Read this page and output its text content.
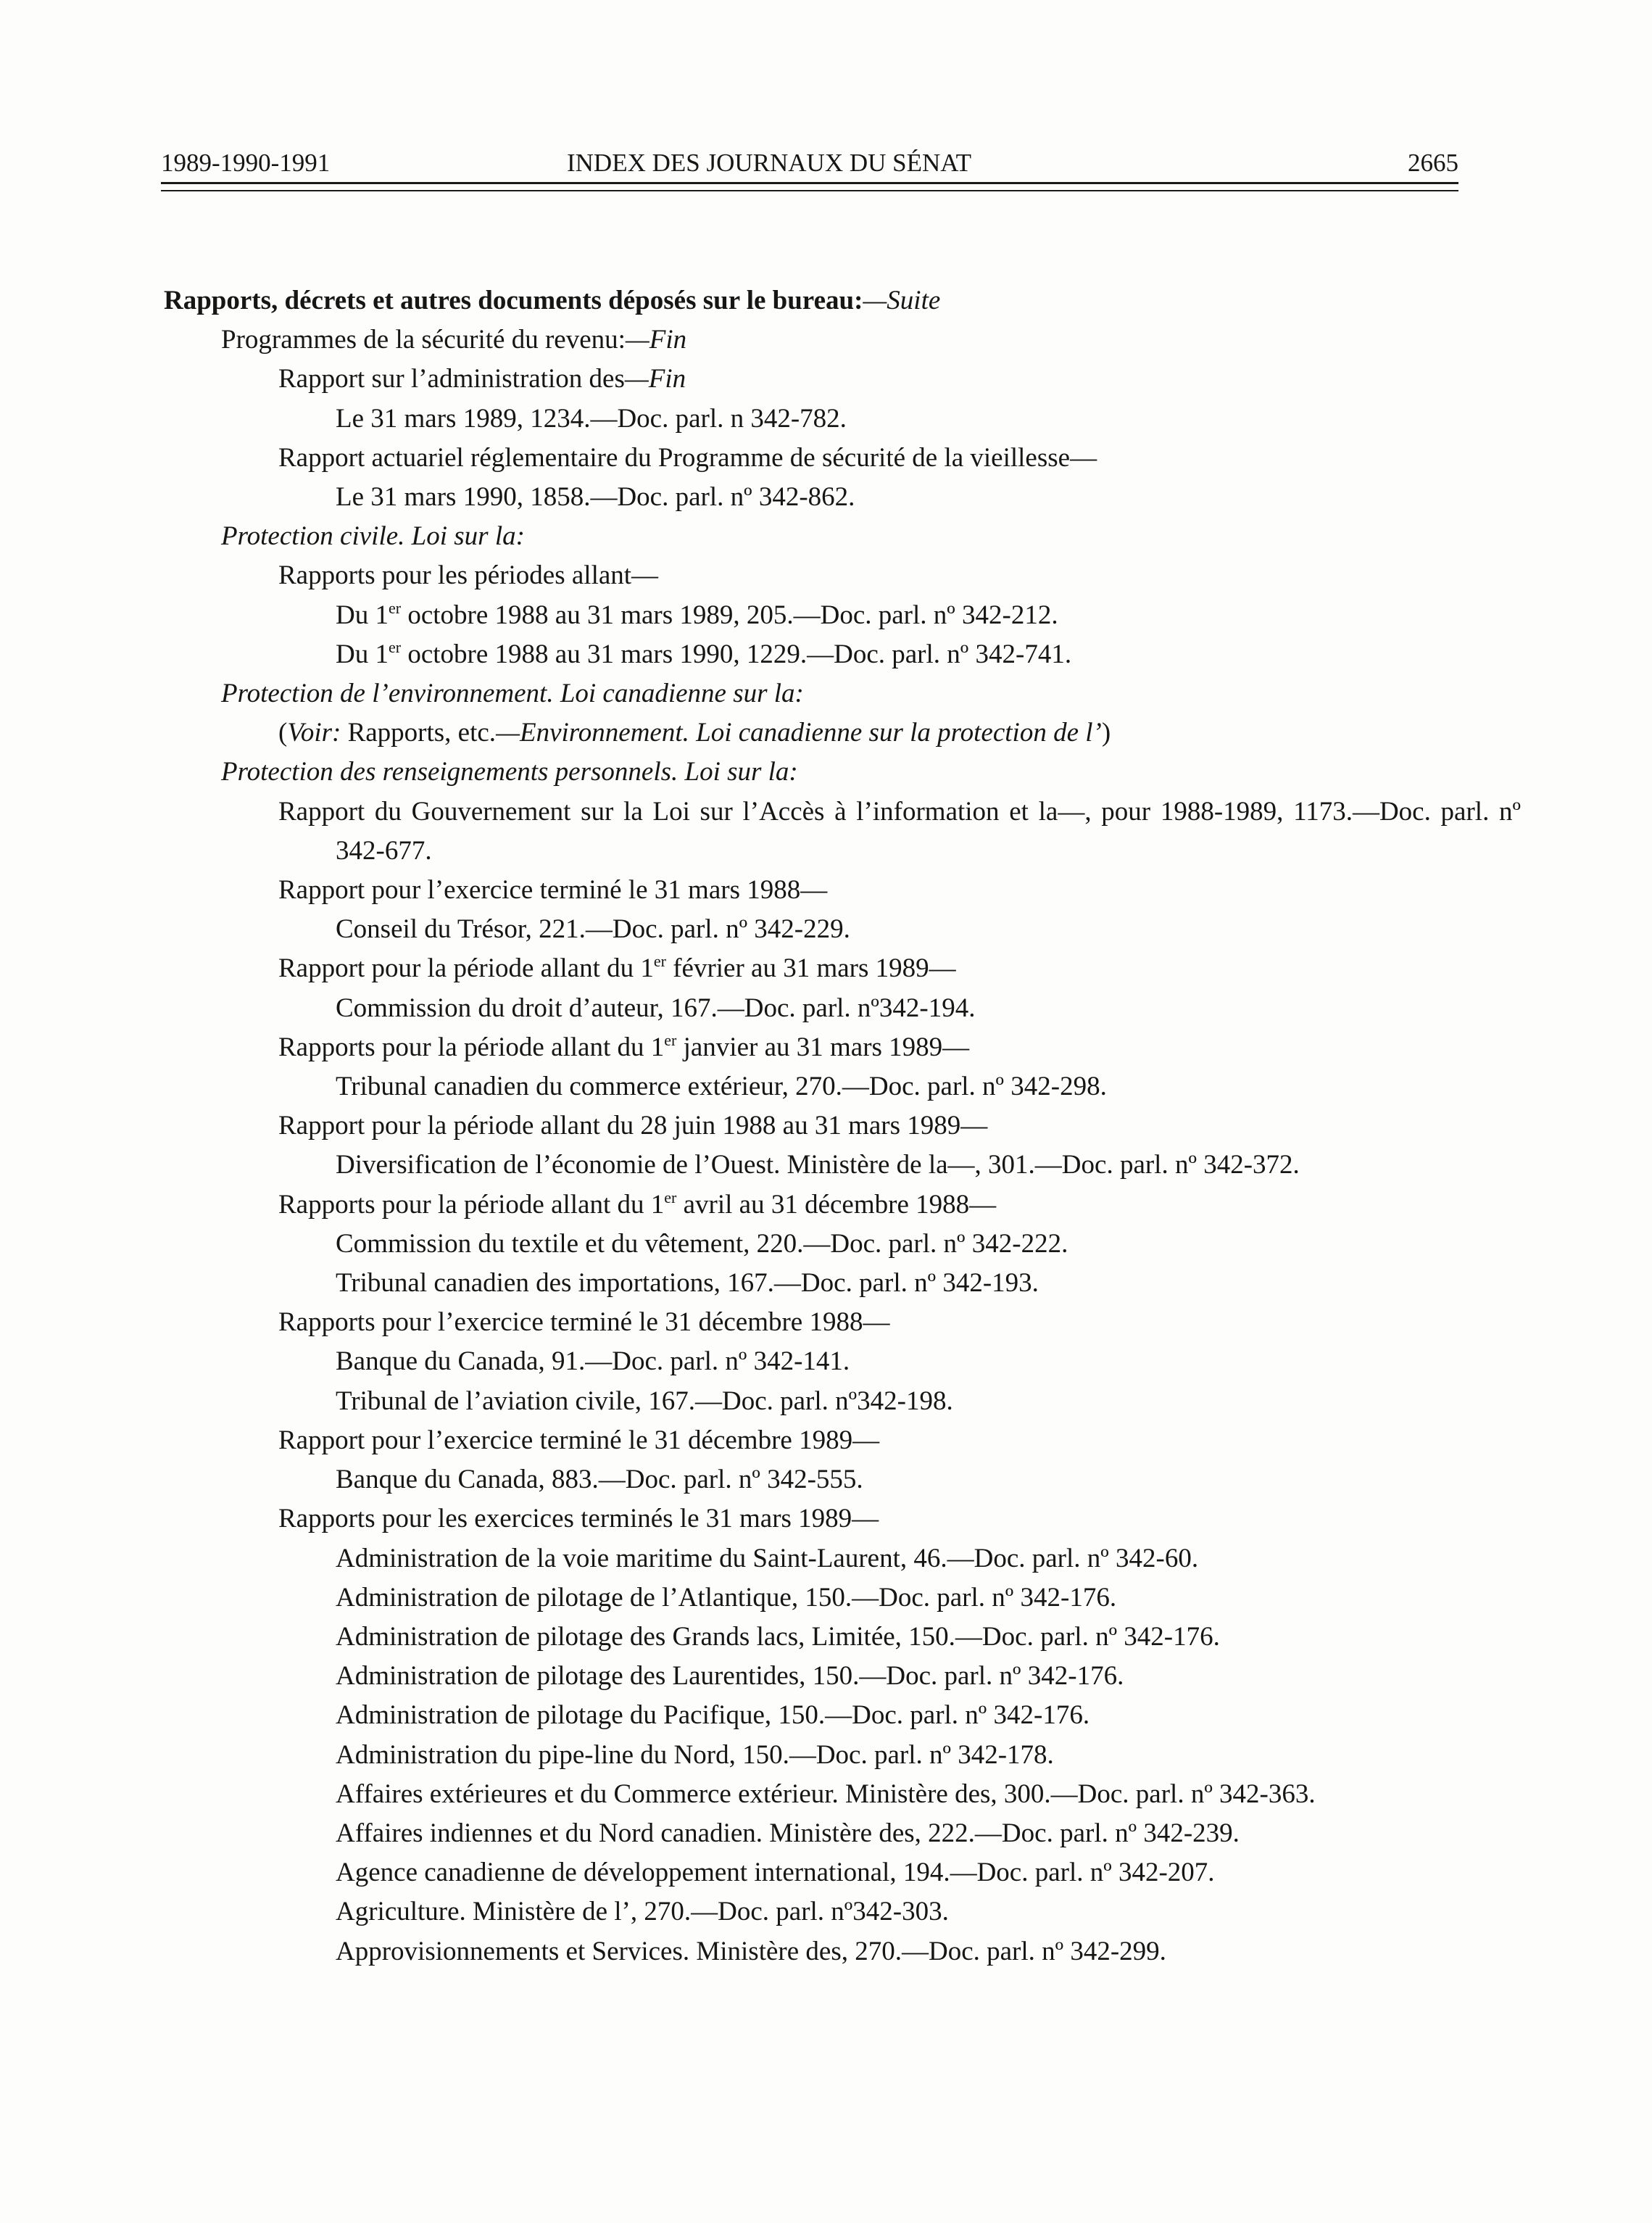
1989-1990-1991	INDEX DES JOURNAUX DU SÉNAT	2665
Rapports, décrets et autres documents déposés sur le bureau:—Suite
Programmes de la sécurité du revenu:—Fin
Rapport sur l’administration des—Fin
Le 31 mars 1989, 1234.—Doc. parl. n 342-782.
Rapport actuariel réglementaire du Programme de sécurité de la vieillesse—
Le 31 mars 1990, 1858.—Doc. parl. nº 342-862.
Protection civile. Loi sur la:
Rapports pour les périodes allant—
Du 1er octobre 1988 au 31 mars 1989, 205.—Doc. parl. nº 342-212.
Du 1er octobre 1988 au 31 mars 1990, 1229.—Doc. parl. nº 342-741.
Protection de l’environnement. Loi canadienne sur la:
(Voir: Rapports, etc.—Environnement. Loi canadienne sur la protection de l’)
Protection des renseignements personnels. Loi sur la:
Rapport du Gouvernement sur la Loi sur l’Accès à l’information et la—, pour 1988-1989, 1173.—Doc. parl. nº 342-677.
Rapport pour l’exercice terminé le 31 mars 1988—
Conseil du Trésor, 221.—Doc. parl. nº 342-229.
Rapport pour la période allant du 1er février au 31 mars 1989—
Commission du droit d’auteur, 167.—Doc. parl. nº342-194.
Rapports pour la période allant du 1er janvier au 31 mars 1989—
Tribunal canadien du commerce extérieur, 270.—Doc. parl. nº 342-298.
Rapport pour la période allant du 28 juin 1988 au 31 mars 1989—
Diversification de l’économie de l’Ouest. Ministère de la—, 301.—Doc. parl. nº 342-372.
Rapports pour la période allant du 1er avril au 31 décembre 1988—
Commission du textile et du vêtement, 220.—Doc. parl. nº 342-222.
Tribunal canadien des importations, 167.—Doc. parl. nº 342-193.
Rapports pour l’exercice terminé le 31 décembre 1988—
Banque du Canada, 91.—Doc. parl. nº 342-141.
Tribunal de l’aviation civile, 167.—Doc. parl. nº342-198.
Rapport pour l’exercice terminé le 31 décembre 1989—
Banque du Canada, 883.—Doc. parl. nº 342-555.
Rapports pour les exercices terminés le 31 mars 1989—
Administration de la voie maritime du Saint-Laurent, 46.—Doc. parl. nº 342-60.
Administration de pilotage de l’Atlantique, 150.—Doc. parl. nº 342-176.
Administration de pilotage des Grands lacs, Limitée, 150.—Doc. parl. nº 342-176.
Administration de pilotage des Laurentides, 150.—Doc. parl. nº 342-176.
Administration de pilotage du Pacifique, 150.—Doc. parl. nº 342-176.
Administration du pipe-line du Nord, 150.—Doc. parl. nº 342-178.
Affaires extérieures et du Commerce extérieur. Ministère des, 300.—Doc. parl. nº 342-363.
Affaires indiennes et du Nord canadien. Ministère des, 222.—Doc. parl. nº 342-239.
Agence canadienne de développement international, 194.—Doc. parl. nº 342-207.
Agriculture. Ministère de l’, 270.—Doc. parl. nº342-303.
Approvisionnements et Services. Ministère des, 270.—Doc. parl. nº 342-299.
